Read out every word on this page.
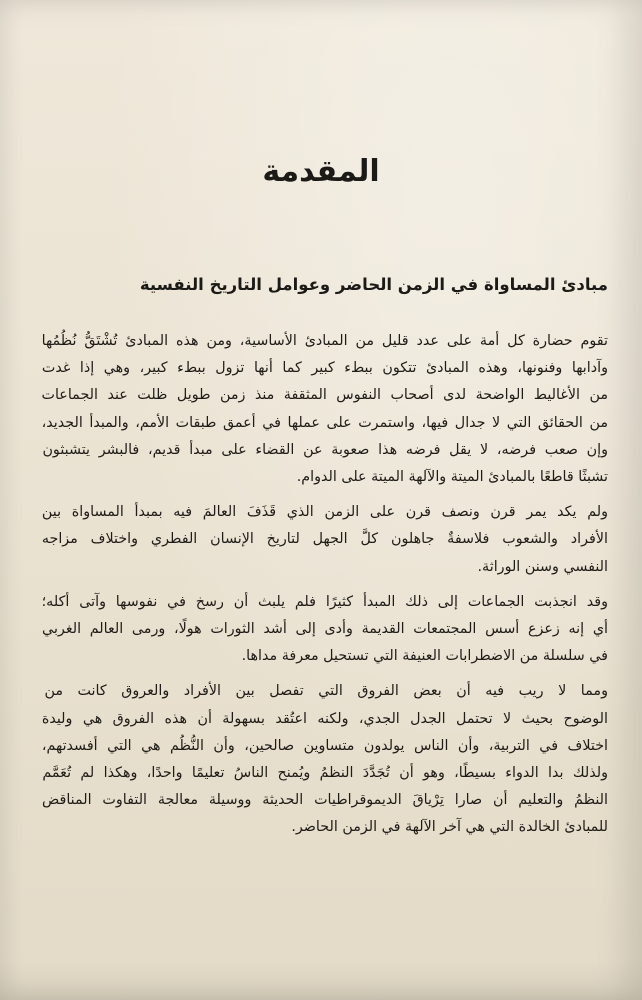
المقدمة
مبادئ المساواة في الزمن الحاضر وعوامل التاريخ النفسية

تقوم حضارة كل أمة على عدد قليل من المبادئ الأساسية، ومن هذه المبادئ تُشْتَقُّ نُظُمُها
وآدابها وفنونها، وهذه المبادئ تتكون ببطء كبير كما أنها تزول ببطء كبير، وهي إذا غدت
من الأغاليط الواضحة لدى أصحاب النفوس المثقفة منذ زمن طويل ظلت عند الجماعات
من الحقائق التي لا جدال فيها، واستمرت على عملها في أعمق طبقات الأمم، والمبدأ الجديد،
وإن صعب فرضه، لا يقل فرضه هذا صعوبة عن القضاء على مبدأ قديم، فالبشر يتشبثون
تشبثًا قاطعًا بالمبادئ الميتة والآلهة الميتة على الدوام.

ولم يكد يمر قرن ونصف قرن على الزمن الذي قَذَفَ العالمَ فيه بمبدأ المساواة بين
الأفراد والشعوب فلاسفةٌ جاهلون كلَّ الجهل لتاريخ الإنسان الفطري واختلاف مزاجه
النفسي وسنن الوراثة.

وقد انجذبت الجماعات إلى ذلك المبدأ كثيرًا فلم يلبث أن رسخ في نفوسها وآتى أكله؛
أي إنه زعزع أسس المجتمعات القديمة وأدى إلى أشد الثورات هولًا، ورمى العالم الغربي
في سلسلة من الاضطرابات العنيفة التي تستحيل معرفة مداها.

ومما لا ريب فيه أن بعض الفروق التي تفصل بين الأفراد والعروق كانت من
الوضوح بحيث لا تحتمل الجدل الجدي، ولكنه اعتُقد بسهولة أن هذه الفروق هي وليدة
اختلاف في التربية، وأن الناس يولدون متساوين صالحين، وأن النُّظُم هي التي أفسدتهم،
ولذلك بدا الدواء بسيطًا، وهو أن تُجَدَّدَ النظمُ ويُمنح الناسُ تعليمًا واحدًا، وهكذا لم تُعَمَّم
النظمُ والتعليم أن صارا تِرْياقَ الديموقراطيات الحديثة ووسيلة معالجة التفاوت المناقض
للمبادئ الخالدة التي هي آخر الآلهة في الزمن الحاضر.
